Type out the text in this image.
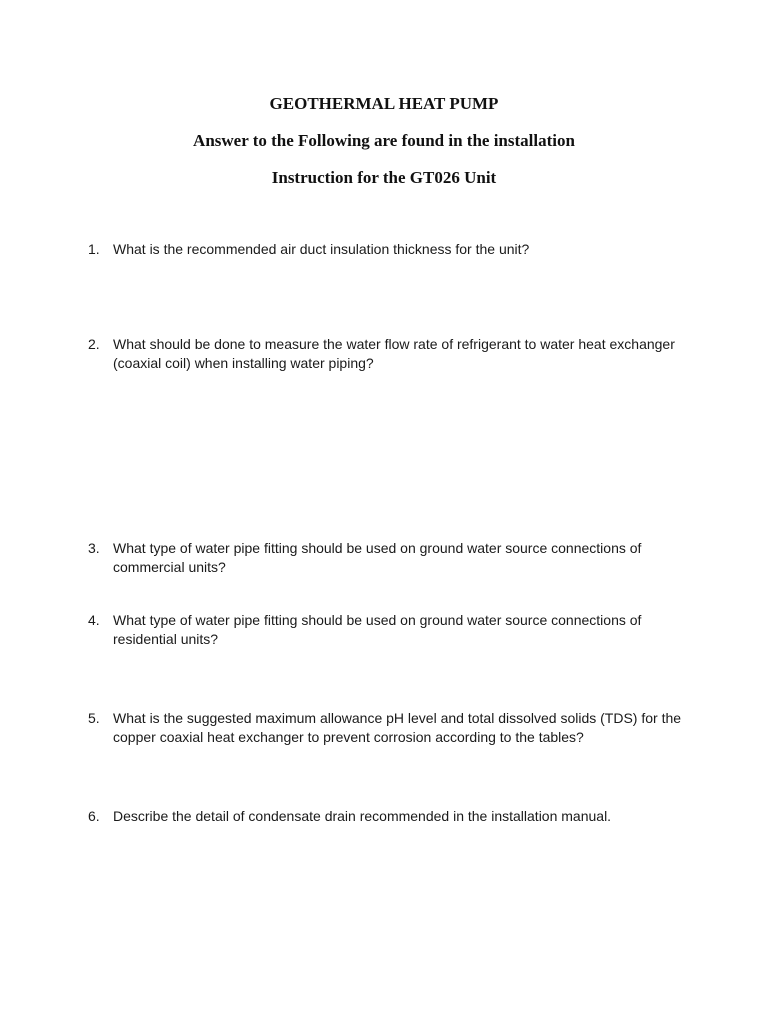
GEOTHERMAL HEAT PUMP
Answer to the Following are found in the installation
Instruction for the GT026 Unit
1. What is the recommended air duct insulation thickness for the unit?
2. What should be done to measure the water flow rate of refrigerant to water heat exchanger (coaxial coil) when installing water piping?
3. What type of water pipe fitting should be used on ground water source connections of commercial units?
4. What type of water pipe fitting should be used on ground water source connections of residential units?
5. What is the suggested maximum allowance pH level and total dissolved solids (TDS) for the copper coaxial heat exchanger to prevent corrosion according to the tables?
6. Describe the detail of condensate drain recommended in the installation manual.
